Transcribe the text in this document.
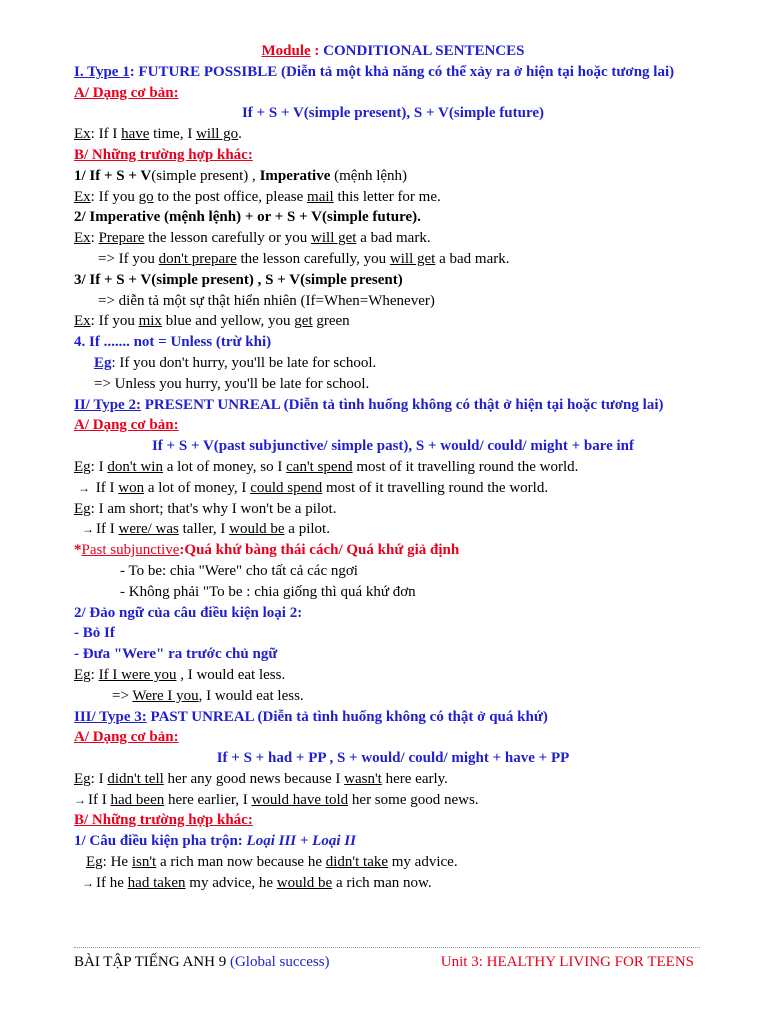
Module : CONDITIONAL SENTENCES
I. Type 1: FUTURE POSSIBLE (Diễn tả một khả năng có thể xảy ra ở hiện tại hoặc tương lai)
A/ Dạng cơ bản:
If + S + V(simple present), S + V(simple future)
Ex: If I have time, I will go.
B/ Những trường hợp khác:
1/ If + S + V(simple present) , Imperative (mệnh lệnh)
Ex: If you go to the post office, please mail this letter for me.
2/ Imperative (mệnh lệnh) + or + S + V(simple future).
Ex: Prepare the lesson carefully or you will get a bad mark.
=> If you don't prepare the lesson carefully, you will get a bad mark.
3/ If + S + V(simple present) , S + V(simple present)
=> diễn tả một sự thật hiển nhiên (If=When=Whenever)
Ex: If you mix blue and yellow, you get green
4. If ....... not = Unless (trừ khi)
Eg: If you don't hurry, you'll be late for school.
=> Unless you hurry, you'll be late for school.
II/ Type 2: PRESENT UNREAL (Diễn tả tình huống không có thật ở hiện tại hoặc tương lai)
A/ Dạng cơ bản:
If + S + V(past subjunctive/ simple past), S + would/ could/ might + bare inf
Eg: I don't win a lot of money, so I can't spend most of it travelling round the world.
→ If I won a lot of money, I could spend most of it travelling round the world.
Eg: I am short; that's why I won't be a pilot.
→ If I were/ was taller, I would be a pilot.
*Past subjunctive:Quá khứ bàng thái cách/ Quá khứ giả định
- To be: chia "Were" cho tất cả các ngơi
- Không phải "To be : chia giống thì quá khứ đơn
2/ Đảo ngữ của câu điều kiện loại 2:
- Bỏ If
- Đưa "Were" ra trước chủ ngữ
Eg: If I were you , I would eat less.
=> Were I you, I would eat less.
III/ Type 3: PAST UNREAL (Diễn tả tình huống không có thật ở quá khứ)
A/ Dạng cơ bản:
If + S + had + PP , S + would/ could/ might + have + PP
Eg: I didn't tell her any good news because I wasn't here early.
→ If I had been here earlier, I would have told her some good news.
B/ Những trường hợp khác:
1/ Câu điều kiện pha trộn: Loại III + Loại II
Eg: He isn't a rich man now because he didn't take my advice.
→ If he had taken my advice, he would be a rich man now.
BÀI TẬP TIẾNG ANH 9 (Global success)	Unit 3: HEALTHY LIVING FOR TEENS
